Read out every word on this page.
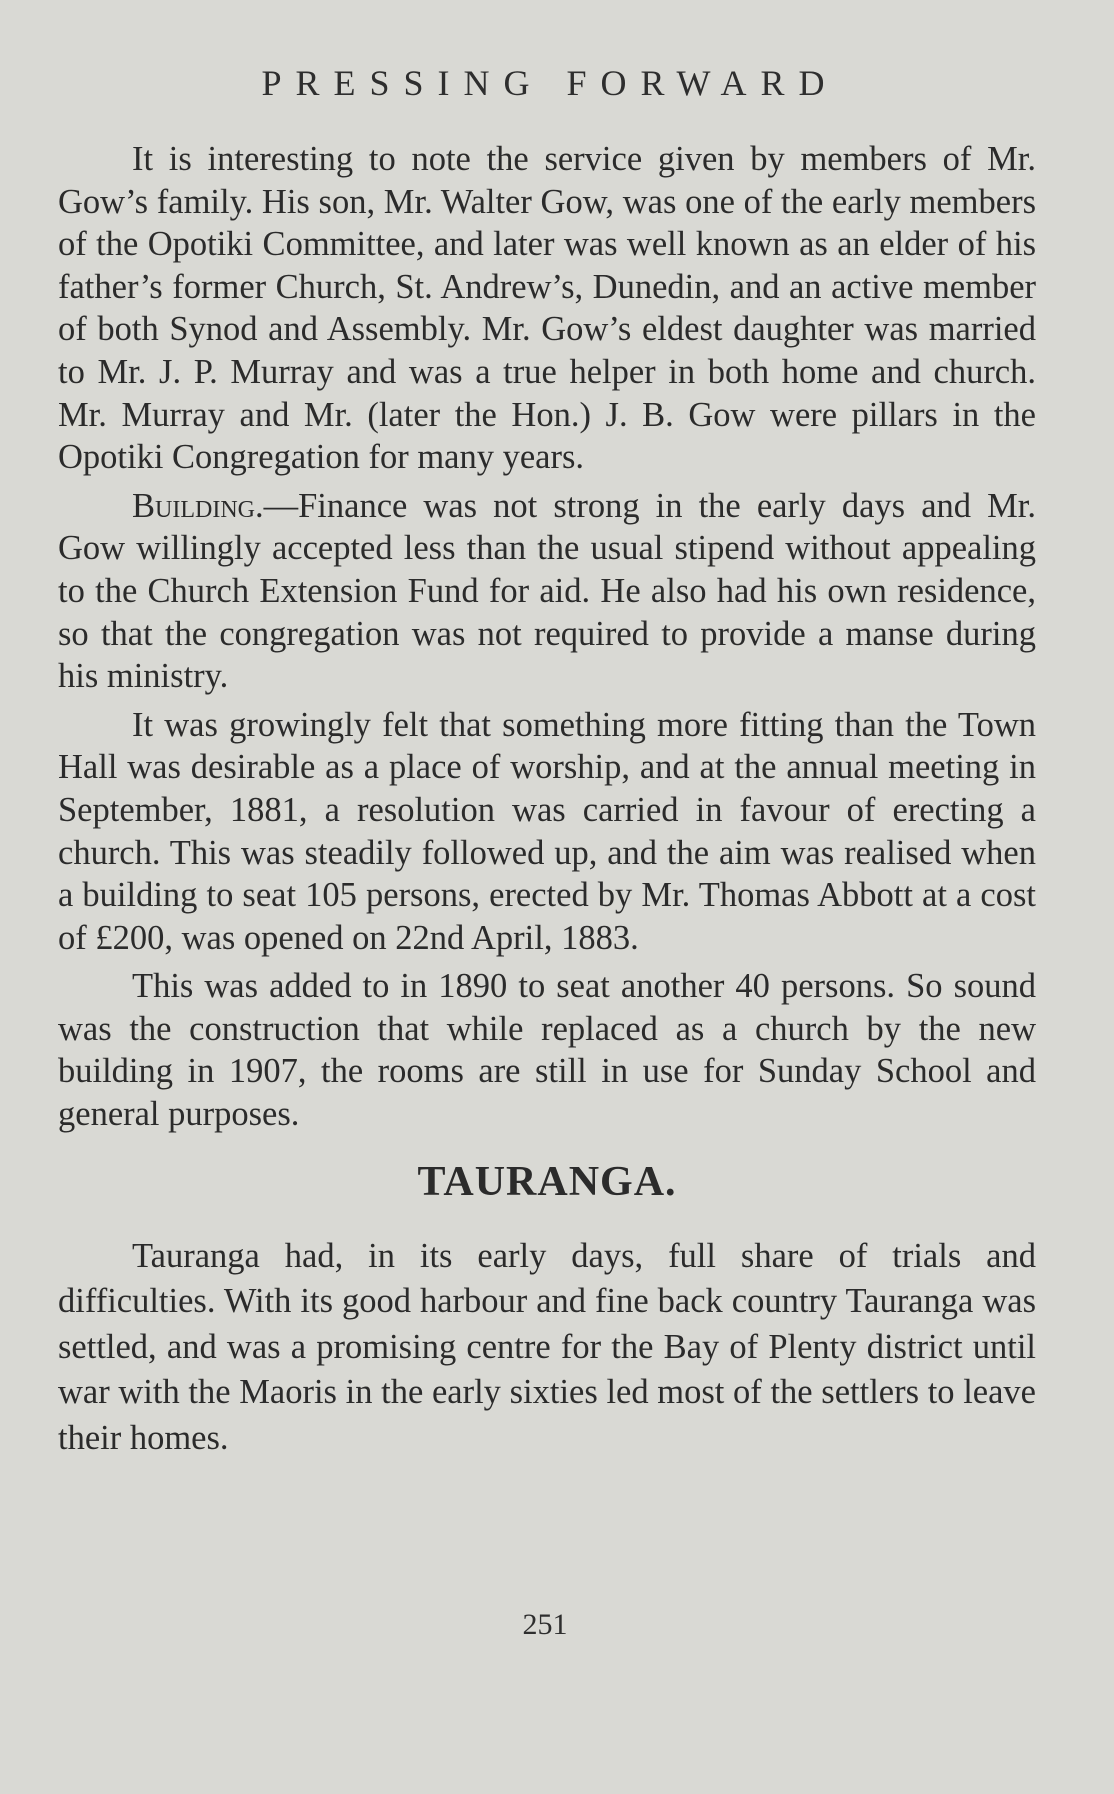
PRESSING FORWARD

It is interesting to note the service given by members of Mr. Gow’s family. His son, Mr. Walter Gow, was one of the early members of the Opotiki Committee, and later was well known as an elder of his father’s former Church, St. Andrew’s, Dunedin, and an active member of both Synod and Assembly. Mr. Gow’s eldest daughter was married to Mr. J. P. Murray and was a true helper in both home and church. Mr. Murray and Mr. (later the Hon.) J. B. Gow were pillars in the Opotiki Congregation for many years.

Building.—Finance was not strong in the early days and Mr. Gow willingly accepted less than the usual stipend without appealing to the Church Extension Fund for aid. He also had his own residence, so that the congregation was not required to provide a manse during his ministry.

It was growingly felt that something more fitting than the Town Hall was desirable as a place of worship, and at the annual meeting in September, 1881, a resolution was carried in favour of erecting a church. This was steadily followed up, and the aim was realised when a building to seat 105 persons, erected by Mr. Thomas Abbott at a cost of £200, was opened on 22nd April, 1883.

This was added to in 1890 to seat another 40 persons. So sound was the construction that while replaced as a church by the new building in 1907, the rooms are still in use for Sunday School and general purposes.

TAURANGA.

Tauranga had, in its early days, full share of trials and difficulties. With its good harbour and fine back country Tauranga was settled, and was a promising centre for the Bay of Plenty district until war with the Maoris in the early sixties led most of the settlers to leave their homes.

251
